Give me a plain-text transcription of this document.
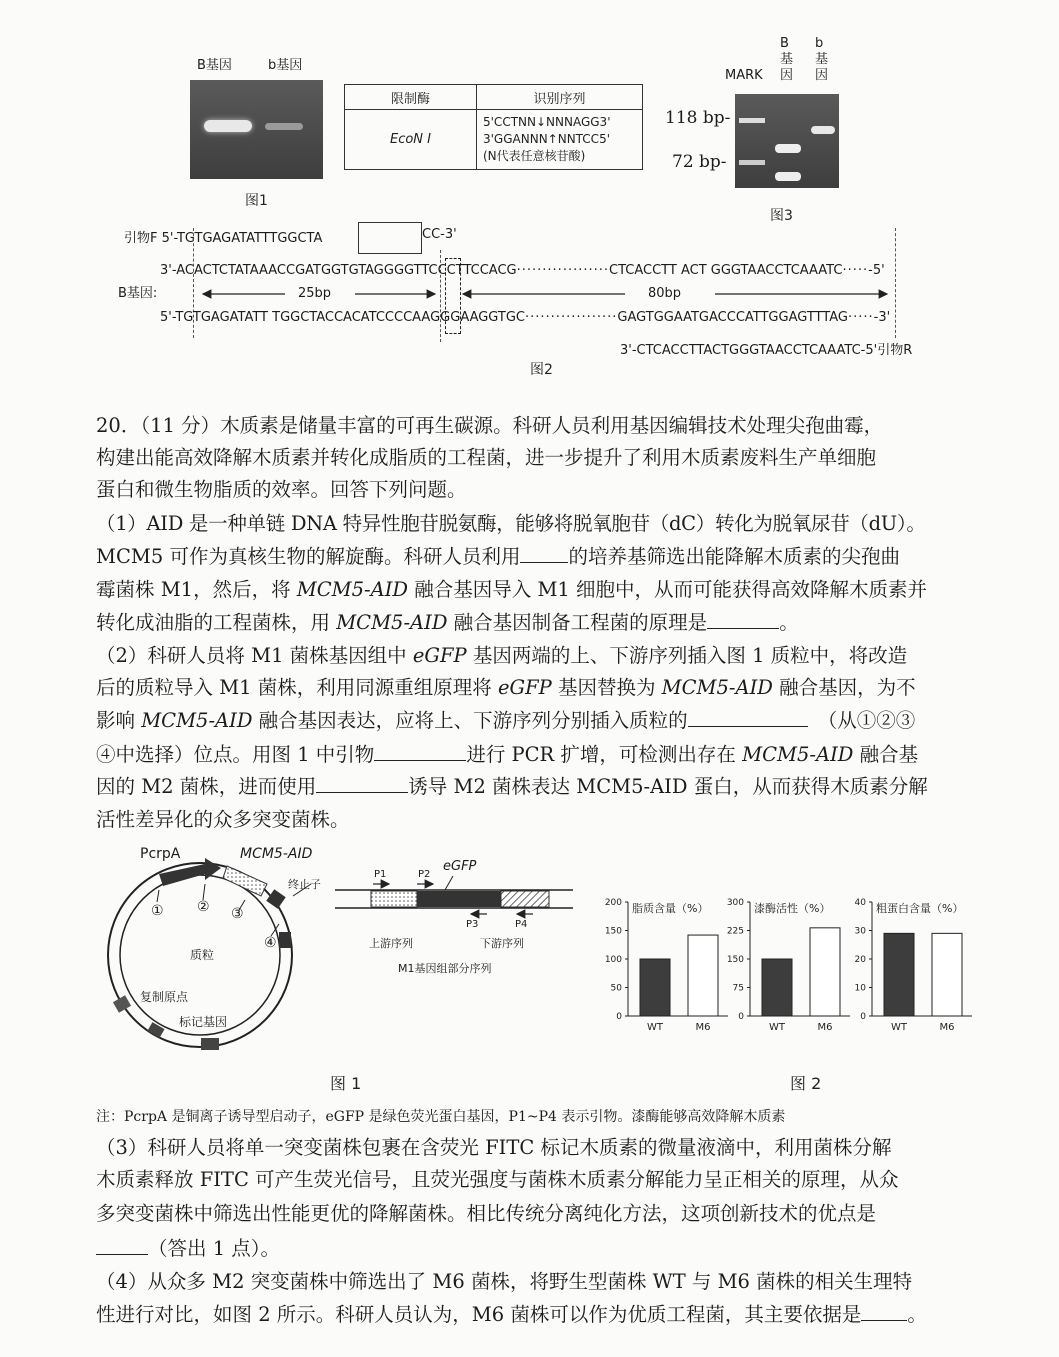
B基因	b基因
图1
限制酶	识别序列
EcoN I	5'CCTNN↓NNNAGG3'
3'GGANNN↑NNTCC5'
(N代表任意核苷酸)
MARK
B
基
因
b
基
因
118 bp-
72 bp-
图3
引物F 5'-TGTGAGATATTTGGCTA	CC-3'
3'-ACACTCTATAAACCGATGGTGTAGGGGTTCCCTTCCACG··················CTCACCTT ACT GGGTAACCTCAAATC·····-5'
B基因:	25bp	80bp
5'-TGTGAGATATT TGGCTACCACATCCCCAAGGGAAGGTGC··················GAGTGGAATGACCCATTGGAGTTTAG·····-3'
3'-CTCACCTTACTGGGTAACCTCAAATC-5'引物R
图2
20．（11 分）木质素是储量丰富的可再生碳源。科研人员利用基因编辑技术处理尖孢曲霉，
构建出能高效降解木质素并转化成脂质的工程菌，进一步提升了利用木质素废料生产单细胞
蛋白和微生物脂质的效率。回答下列问题。
（1）AID 是一种单链 DNA 特异性胞苷脱氨酶，能够将脱氧胞苷（dC）转化为脱氧尿苷（dU）。
MCM5 可作为真核生物的解旋酶。科研人员利用 的培养基筛选出能降解木质素的尖孢曲
霉菌株 M1，然后，将 MCM5-AID 融合基因导入 M1 细胞中，从而可能获得高效降解木质素并
转化成油脂的工程菌株，用 MCM5-AID 融合基因制备工程菌的原理是	。
（2）科研人员将 M1 菌株基因组中 eGFP 基因两端的上、下游序列插入图 1 质粒中，将改造
后的质粒导入 M1 菌株，利用同源重组原理将 eGFP 基因替换为 MCM5-AID 融合基因，为不
影响 MCM5-AID 融合基因表达，应将上、下游序列分别插入质粒的	（从①②③
④中选择）位点。用图 1 中引物	进行 PCR 扩增，可检测出存在 MCM5-AID 融合基
因的 M2 菌株，进而使用	诱导 M2 菌株表达 MCM5-AID 蛋白，从而获得木质素分解
活性差异化的众多突变菌株。
PcrpA	MCM5-AID
终止子
① ② ③
④
质粒
复制原点
标记基因
eGFP
P1	P2
P3	P4
上游序列	下游序列
M1基因组部分序列
图 1
0
50
100
150
200 脂质含量（%）
WT	M6
0
75
150
225
300 漆酶活性（%）
WT	M6
0
10
20
30
40 粗蛋白含量（%）
WT	M6
图 2
注：PcrpA 是铜离子诱导型启动子，eGFP 是绿色荧光蛋白基因，P1~P4 表示引物。漆酶能够高效降解木质素
（3）科研人员将单一突变菌株包裹在含荧光 FITC 标记木质素的微量液滴中，利用菌株分解
木质素释放 FITC 可产生荧光信号，且荧光强度与菌株木质素分解能力呈正相关的原理，从众
多突变菌株中筛选出性能更优的降解菌株。相比传统分离纯化方法，这项创新技术的优点是
（答出 1 点）。
（4）从众多 M2 突变菌株中筛选出了 M6 菌株，将野生型菌株 WT 与 M6 菌株的相关生理特
性进行对比，如图 2 所示。科研人员认为，M6 菌株可以作为优质工程菌，其主要依据是 。
